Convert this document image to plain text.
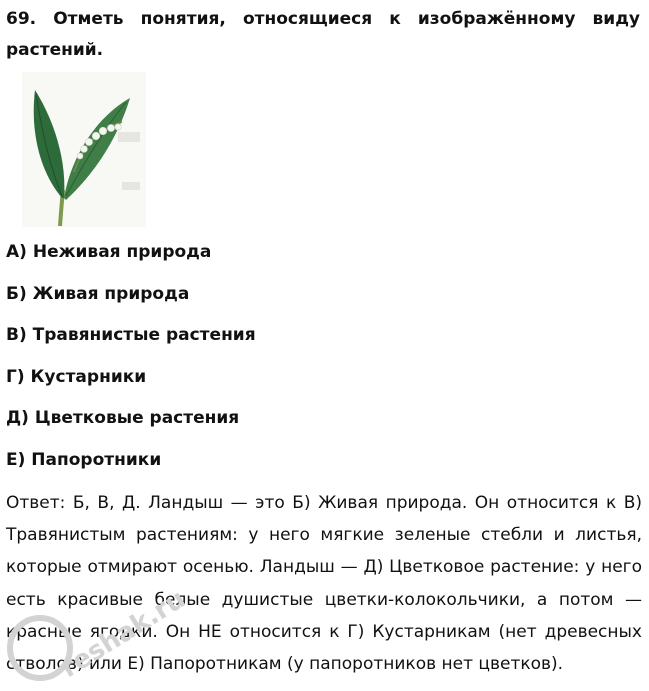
69. Отметь понятия, относящиеся к изображённому виду растений.

А) Неживая природа
Б) Живая природа
В) Травянистые растения
Г) Кустарники
Д) Цветковые растения
Е) Папоротники

Ответ: Б, В, Д. Ландыш — это Б) Живая природа. Он относится к В) Травянистым растениям: у него мягкие зеленые стебли и листья, которые отмирают осенью. Ландыш — Д) Цветковое растение: у него есть красивые белые душистые цветки-колокольчики, а потом — красные ягодки. Он НЕ относится к Г) Кустарникам (нет древесных стволов) или Е) Папоротникам (у папоротников нет цветков).

reshak.ru
